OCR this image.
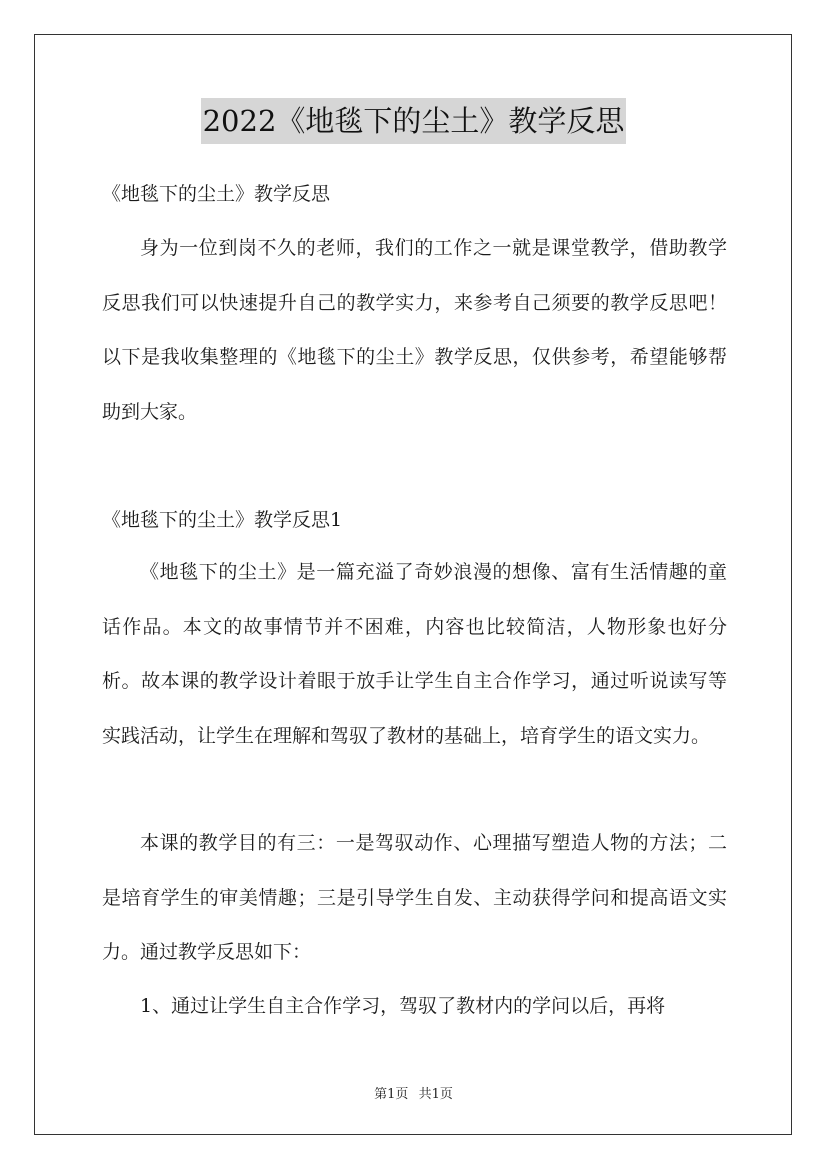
2022《地毯下的尘土》教学反思

《地毯下的尘土》教学反思

身为一位到岗不久的老师，我们的工作之一就是课堂教学，借助教学反思我们可以快速提升自己的教学实力，来参考自己须要的教学反思吧！以下是我收集整理的《地毯下的尘土》教学反思，仅供参考，希望能够帮助到大家。

《地毯下的尘土》教学反思1

《地毯下的尘土》是一篇充溢了奇妙浪漫的想像、富有生活情趣的童话作品。本文的故事情节并不困难，内容也比较简洁，人物形象也好分析。故本课的教学设计着眼于放手让学生自主合作学习，通过听说读写等实践活动，让学生在理解和驾驭了教材的基础上，培育学生的语文实力。

本课的教学目的有三：一是驾驭动作、心理描写塑造人物的方法；二是培育学生的审美情趣；三是引导学生自发、主动获得学问和提高语文实力。通过教学反思如下：

1、通过让学生自主合作学习，驾驭了教材内的学问以后，再将

第1页 共1页
